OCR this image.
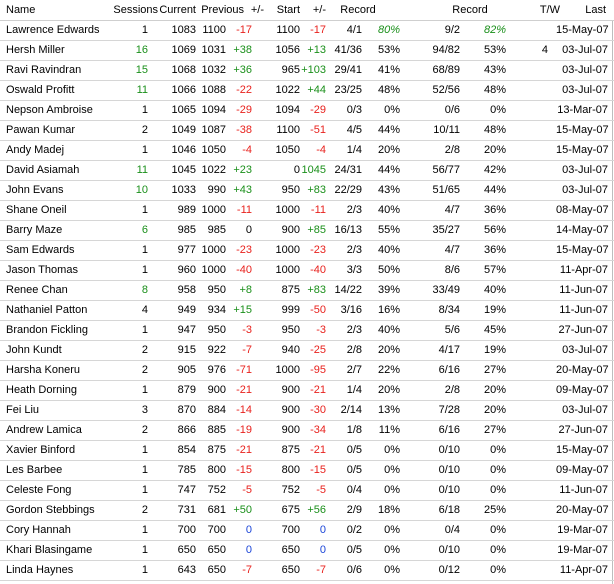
Name	Sessions Current Previous +/-	Start	+/-	Record	Record	T/W	Last
Lawrence Edwards	1	1083 1100 -17	1100 -17	4/1	80%	9/2	82%	15-May-07
Hersh Miller	16	1069 1031 +38	1056 +13 41/36	53%	94/82	53%	4	03-Jul-07
Ravi Ravindran	15	1068 1032 +36	965 +103 29/41	41%	68/89	43%	03-Jul-07
Oswald Profitt	11	1066 1088 -22	1022 +44 23/25	48%	52/56	48%	03-Jul-07
Nepson Ambroise	1	1065 1094 -29	1094 -29	0/3	0%	0/6	0%	13-Mar-07
Pawan Kumar	2	1049 1087 -38	1100 -51	4/5	44%	10/11	48%	15-May-07
Andy Madej	1	1046 1050	-4	1050	-4	1/4	20%	2/8	20%	15-May-07
David Asiamah	11	1045 1022 +23	0 1045 24/31	44%	56/77	42%	03-Jul-07
John Evans	10	1033	990 +43	950 +83 22/29	43%	51/65	44%	03-Jul-07
Shane Oneil	1	989 1000 -11	1000 -11	2/3	40%	4/7	36%	08-May-07
Barry Maze	6	985	985	0	900 +85 16/13	55%	35/27	56%	14-May-07
Sam Edwards	1	977 1000 -23	1000 -23	2/3	40%	4/7	36%	15-May-07
Jason Thomas	1	960 1000 -40	1000 -40	3/3	50%	8/6	57%	11-Apr-07
Renee Chan	8	958	950	+8	875 +83 14/22	39%	33/49	40%	11-Jun-07
Nathaniel Patton	4	949	934 +15	999 -50	3/16	16%	8/34	19%	11-Jun-07
Brandon Fickling	1	947	950	-3	950	-3	2/3	40%	5/6	45%	27-Jun-07
John Kundt	2	915	922	-7	940 -25	2/8	20%	4/17	19%	03-Jul-07
Harsha Koneru	2	905	976 -71	1000 -95	2/7	22%	6/16	27%	20-May-07
Heath Dorning	1	879	900 -21	900 -21	1/4	20%	2/8	20%	09-May-07
Fei Liu	3	870	884 -14	900 -30	2/14	13%	7/28	20%	03-Jul-07
Andrew Lamica	2	866	885 -19	900 -34	1/8	11%	6/16	27%	27-Jun-07
Xavier Binford	1	854	875 -21	875 -21	0/5	0%	0/10	0%	15-May-07
Les Barbee	1	785	800 -15	800 -15	0/5	0%	0/10	0%	09-May-07
Celeste Fong	1	747	752	-5	752	-5	0/4	0%	0/10	0%	11-Jun-07
Gordon Stebbings	2	731	681 +50	675 +56	2/9	18%	6/18	25%	20-May-07
Cory Hannah	1	700	700	0	700	0	0/2	0%	0/4	0%	19-Mar-07
Khari Blasingame	1	650	650	0	650	0	0/5	0%	0/10	0%	19-Mar-07
Linda Haynes	1	643	650	-7	650	-7	0/6	0%	0/12	0%	11-Apr-07
